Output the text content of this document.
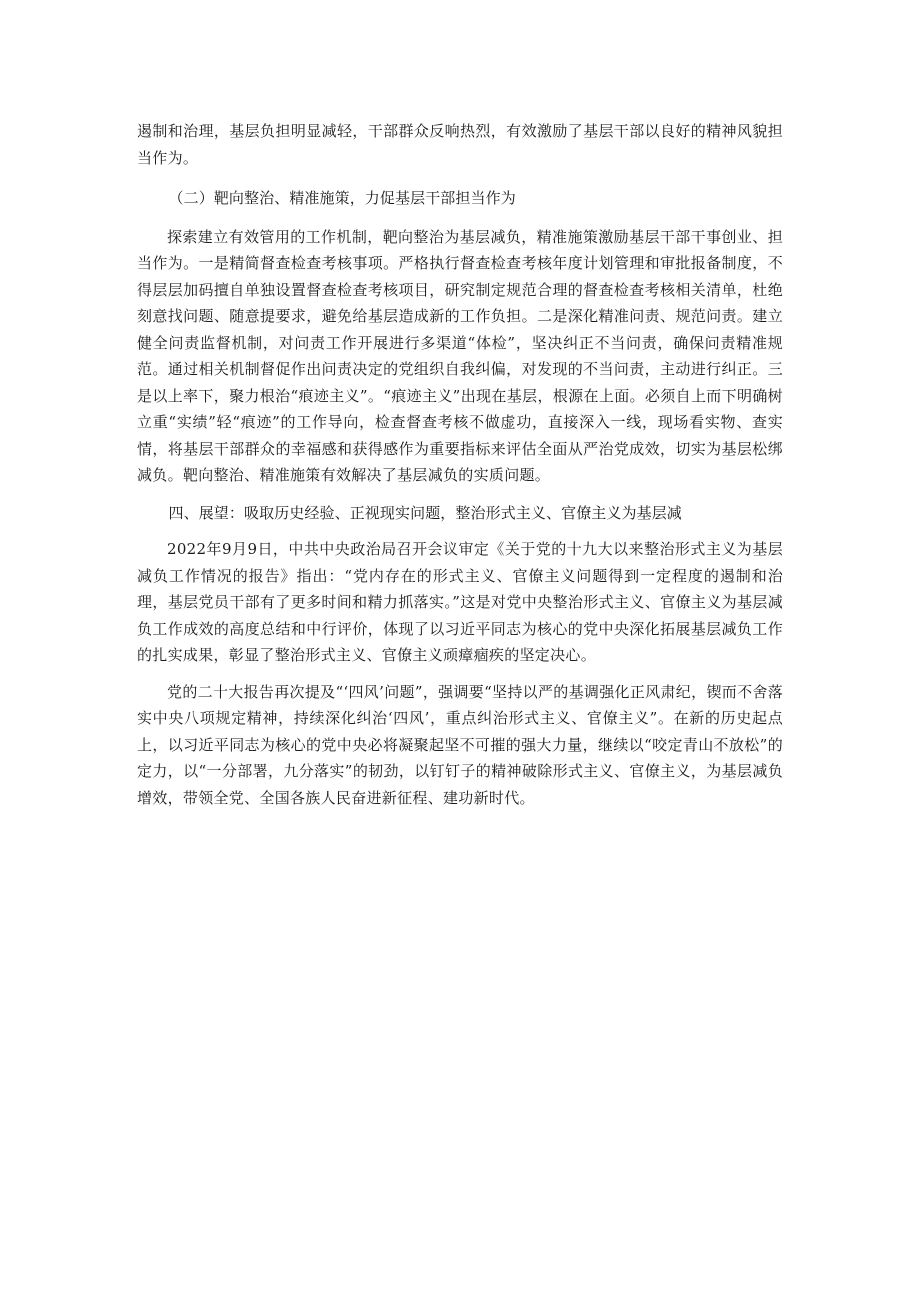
遏制和治理，基层负担明显减轻，干部群众反响热烈，有效激励了基层干部以良好的精神风貌担当作为。

（二）靶向整治、精准施策，力促基层干部担当作为

探索建立有效管用的工作机制，靶向整治为基层减负，精准施策激励基层干部干事创业、担当作为。一是精简督查检查考核事项。严格执行督查检查考核年度计划管理和审批报备制度，不得层层加码擅自单独设置督查检查考核项目，研究制定规范合理的督查检查考核相关清单，杜绝刻意找问题、随意提要求，避免给基层造成新的工作负担。二是深化精准问责、规范问责。建立健全问责监督机制，对问责工作开展进行多渠道“体检”，坚决纠正不当问责，确保问责精准规范。通过相关机制督促作出问责决定的党组织自我纠偏，对发现的不当问责，主动进行纠正。三是以上率下，聚力根治“痕迹主义”。“痕迹主义”出现在基层，根源在上面。必须自上而下明确树立重“实绩”轻“痕迹”的工作导向，检查督查考核不做虚功，直接深入一线，现场看实物、查实情，将基层干部群众的幸福感和获得感作为重要指标来评估全面从严治党成效，切实为基层松绑减负。靶向整治、精准施策有效解决了基层减负的实质问题。

四、展望：吸取历史经验、正视现实问题，整治形式主义、官僚主义为基层减

2022年9月9日，中共中央政治局召开会议审定《关于党的十九大以来整治形式主义为基层减负工作情况的报告》指出：“党内存在的形式主义、官僚主义问题得到一定程度的遏制和治理，基层党员干部有了更多时间和精力抓落实。”这是对党中央整治形式主义、官僚主义为基层减负工作成效的高度总结和中行评价，体现了以习近平同志为核心的党中央深化拓展基层减负工作的扎实成果，彰显了整治形式主义、官僚主义顽瘴痼疾的坚定决心。

党的二十大报告再次提及“‘四风’问题”，强调要“坚持以严的基调强化正风肃纪，锲而不舍落实中央八项规定精神，持续深化纠治‘四风’，重点纠治形式主义、官僚主义”。在新的历史起点上，以习近平同志为核心的党中央必将凝聚起坚不可摧的强大力量，继续以“咬定青山不放松”的定力，以“一分部署，九分落实”的韧劲，以钉钉子的精神破除形式主义、官僚主义，为基层减负增效，带领全党、全国各族人民奋进新征程、建功新时代。
